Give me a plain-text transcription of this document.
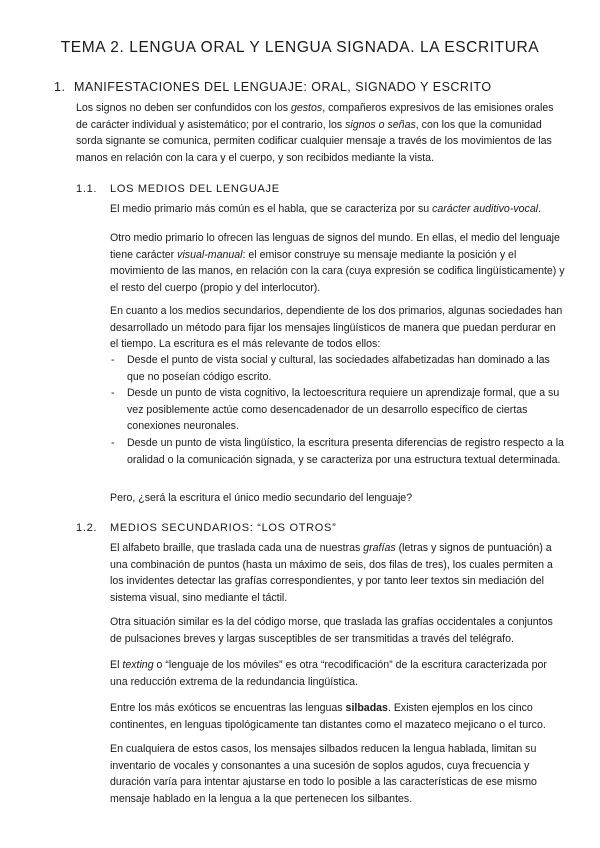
TEMA 2. LENGUA ORAL Y LENGUA SIGNADA. LA ESCRITURA
1. MANIFESTACIONES DEL LENGUAJE: ORAL, SIGNADO Y ESCRITO

Los signos no deben ser confundidos con los gestos, compañeros expresivos de las emisiones orales de carácter individual y asistemático; por el contrario, los signos o señas, con los que la comunidad sorda signante se comunica, permiten codificar cualquier mensaje a través de los movimientos de las manos en relación con la cara y el cuerpo, y son recibidos mediante la vista.

1.1. LOS MEDIOS DEL LENGUAJE

El medio primario más común es el habla, que se caracteriza por su carácter auditivo-vocal.

Otro medio primario lo ofrecen las lenguas de signos del mundo. En ellas, el medio del lenguaje tiene carácter visual-manual: el emisor construye su mensaje mediante la posición y el movimiento de las manos, en relación con la cara (cuya expresión se codifica lingüísticamente) y el resto del cuerpo (propio y del interlocutor).

En cuanto a los medios secundarios, dependiente de los dos primarios, algunas sociedades han desarrollado un método para fijar los mensajes lingüísticos de manera que puedan perdurar en el tiempo. La escritura es el más relevante de todos ellos:

- Desde el punto de vista social y cultural, las sociedades alfabetizadas han dominado a las que no poseían código escrito.
- Desde un punto de vista cognitivo, la lectoescritura requiere un aprendizaje formal, que a su vez posiblemente actúe como desencadenador de un desarrollo específico de ciertas conexiones neuronales.
- Desde un punto de vista lingüístico, la escritura presenta diferencias de registro respecto a la oralidad o la comunicación signada, y se caracteriza por una estructura textual determinada.

Pero, ¿será la escritura el único medio secundario del lenguaje?

1.2. MEDIOS SECUNDARIOS: “LOS OTROS”

El alfabeto braille, que traslada cada una de nuestras grafías (letras y signos de puntuación) a una combinación de puntos (hasta un máximo de seis, dos filas de tres), los cuales permiten a los invidentes detectar las grafías correspondientes, y por tanto leer textos sin mediación del sistema visual, sino mediante el táctil.

Otra situación similar es la del código morse, que traslada las grafías occidentales a conjuntos de pulsaciones breves y largas susceptibles de ser transmitidas a través del telégrafo.

El texting o “lenguaje de los móviles” es otra “recodificación” de la escritura caracterizada por una reducción extrema de la redundancia lingüística.

Entre los más exóticos se encuentras las lenguas silbadas. Existen ejemplos en los cinco continentes, en lenguas tipológicamente tan distantes como el mazateco mejicano o el turco.

En cualquiera de estos casos, los mensajes silbados reducen la lengua hablada, limitan su inventario de vocales y consonantes a una sucesión de soplos agudos, cuya frecuencia y duración varía para intentar ajustarse en todo lo posible a las características de ese mismo mensaje hablado en la lengua a la que pertenecen los silbantes.
